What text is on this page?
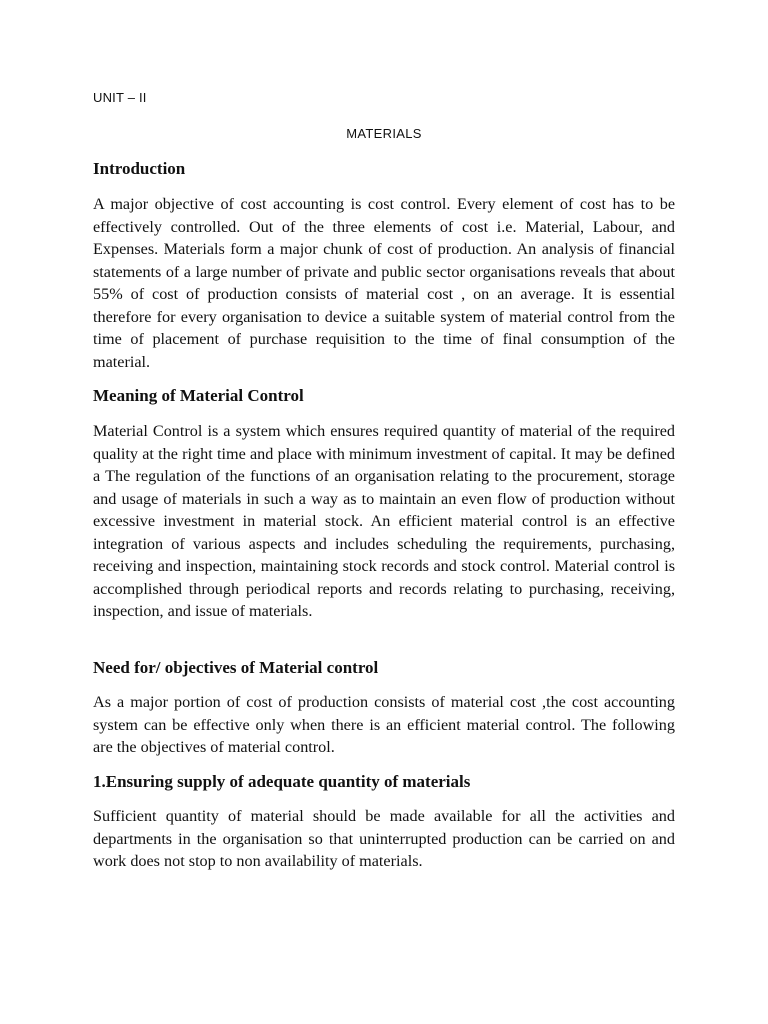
UNIT – II
MATERIALS
Introduction
A major objective of cost accounting is cost control. Every element of cost has to be effectively controlled. Out of the three elements of cost i.e. Material, Labour, and Expenses. Materials form a major chunk of cost of production. An analysis of financial statements of a large number of private and public sector organisations reveals that about 55% of cost of production consists of material cost , on an average. It is essential therefore for every organisation to device a suitable system of material control from the time of placement of purchase requisition to the time of final consumption of the material.
Meaning of Material Control
Material Control is a system which ensures required quantity of material of the required quality at the right time and place with minimum investment of capital. It may be defined a The regulation of the functions of an organisation relating to the procurement, storage and usage of materials in such a way as to maintain an even flow of production without excessive investment in material stock. An efficient material control is an effective integration of various aspects and includes scheduling the requirements, purchasing, receiving and inspection, maintaining stock records and stock control. Material control is accomplished through periodical reports and records relating to purchasing, receiving, inspection, and issue of materials.
Need for/ objectives of Material control
As a major portion of cost of production consists of material cost ,the cost accounting system can be effective only when there is an efficient material control. The following are the objectives of material control.
1.Ensuring supply of adequate quantity of materials
Sufficient quantity of material should be made available for all the activities and departments in the organisation so that uninterrupted production can be carried on and work does not stop to non availability of materials.
